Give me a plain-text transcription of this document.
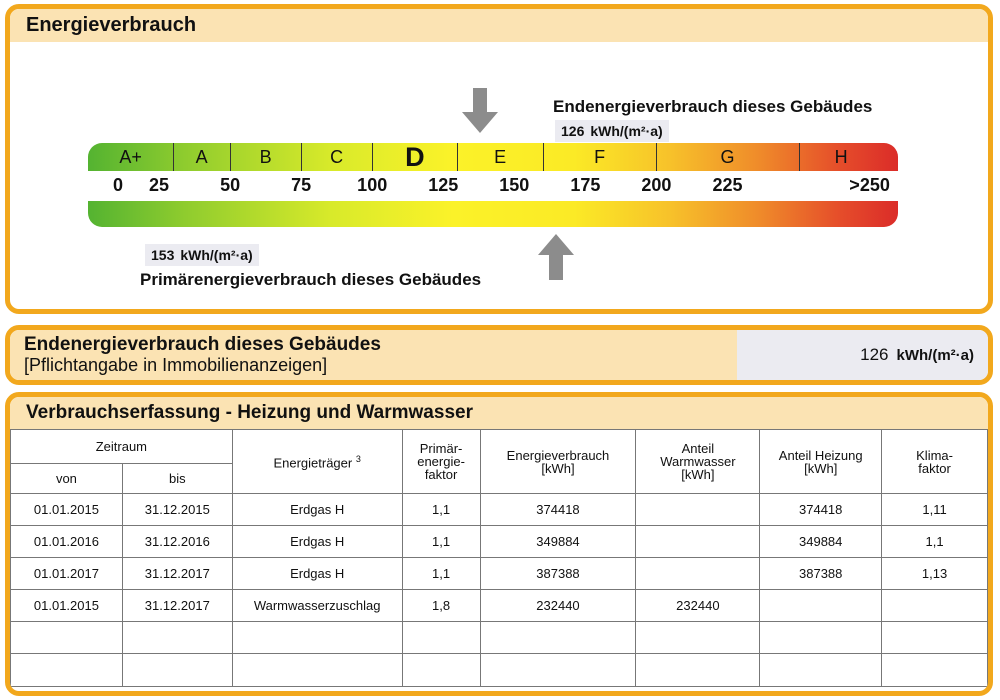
Energieverbrauch
Endenergieverbrauch dieses Gebäudes
126 kWh/(m²·a)
A+	A	B	C	D	E	F	G	H
0 25	50	75	100 125 150 175 200 225	>250
153 kWh/(m²·a)
Primärenergieverbrauch dieses Gebäudes
Endenergieverbrauch dieses Gebäudes
[Pflichtangabe in Immobilienanzeigen]
126 kWh/(m²·a)
Verbrauchserfassung - Heizung und Warmwasser
Zeitraum		Energieträger $^3$	Primär-
energie-
faktor	Energieverbrauch
[kWh]	Anteil
Warmwasser
[kWh]	Anteil Heizung
[kWh]	Klima-
faktor
von	bis						
01.01.2015	31.12.2015	Erdgas H	1,1	374418		374418	1,11
01.01.2016	31.12.2016	Erdgas H	1,1	349884		349884	1,1
01.01.2017	31.12.2017	Erdgas H	1,1	387388		387388	1,13
01.01.2015	31.12.2017	Warmwasserzuschlag	1,8	232440	232440		
